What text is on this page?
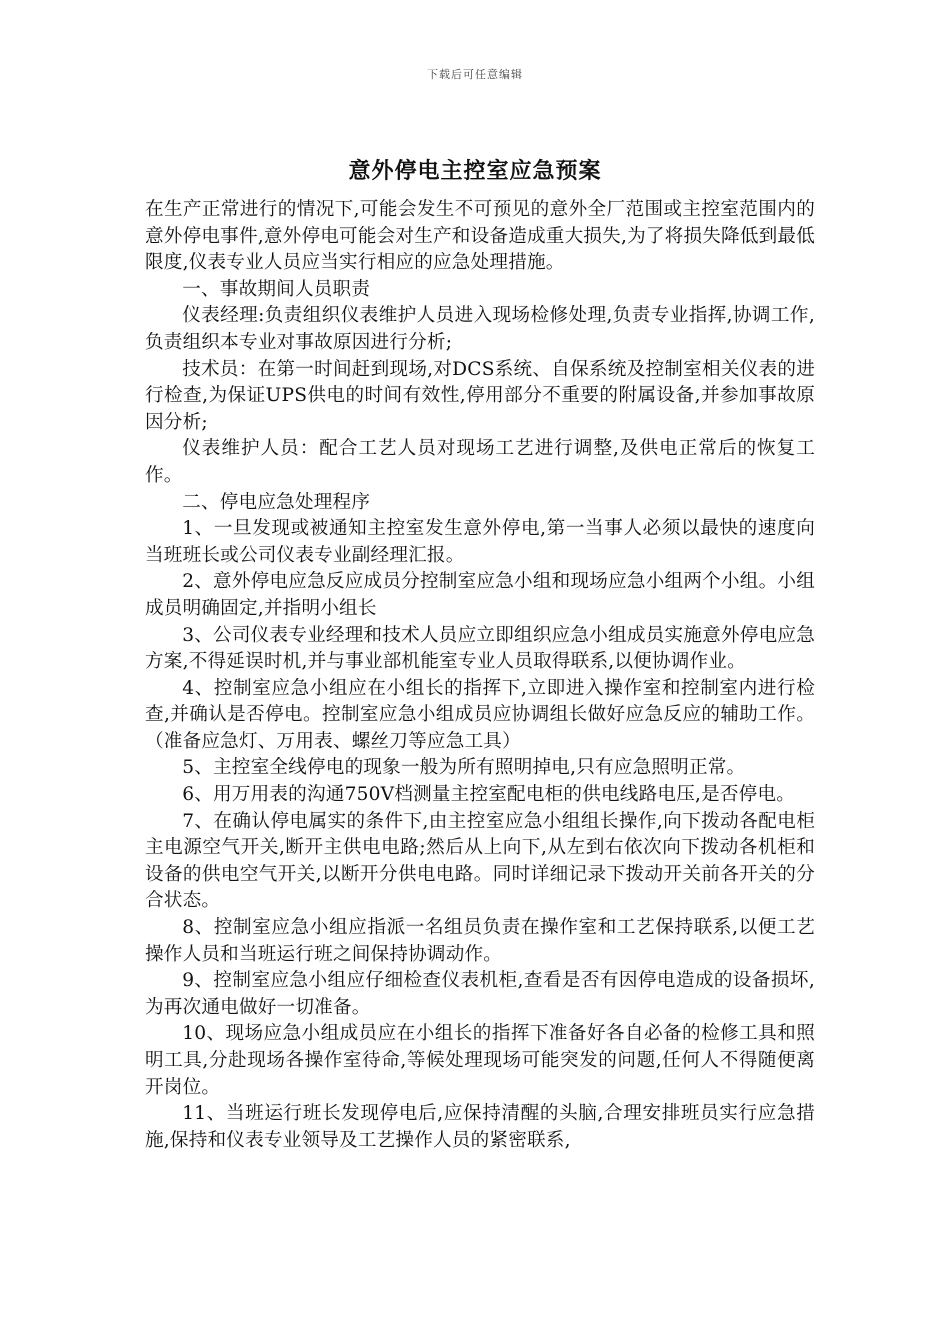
下载后可任意编辑
意外停电主控室应急预案

在生产正常进行的情况下,可能会发生不可预见的意外全厂范围或主控室范围内的意外停电事件,意外停电可能会对生产和设备造成重大损失,为了将损失降低到最低限度,仪表专业人员应当实行相应的应急处理措施。

一、事故期间人员职责

仪表经理:负责组织仪表维护人员进入现场检修处理,负责专业指挥,协调工作,负责组织本专业对事故原因进行分析;

技术员：在第一时间赶到现场,对DCS系统、自保系统及控制室相关仪表的进行检查,为保证UPS供电的时间有效性,停用部分不重要的附属设备,并参加事故原因分析;

仪表维护人员：配合工艺人员对现场工艺进行调整,及供电正常后的恢复工作。

二、停电应急处理程序

1、一旦发现或被通知主控室发生意外停电,第一当事人必须以最快的速度向当班班长或公司仪表专业副经理汇报。

2、意外停电应急反应成员分控制室应急小组和现场应急小组两个小组。小组成员明确固定,并指明小组长

3、公司仪表专业经理和技术人员应立即组织应急小组成员实施意外停电应急方案,不得延误时机,并与事业部机能室专业人员取得联系,以便协调作业。

4、控制室应急小组应在小组长的指挥下,立即进入操作室和控制室内进行检查,并确认是否停电。控制室应急小组成员应协调组长做好应急反应的辅助工作。（准备应急灯、万用表、螺丝刀等应急工具）

5、主控室全线停电的现象一般为所有照明掉电,只有应急照明正常。

6、用万用表的沟通750V档测量主控室配电柜的供电线路电压,是否停电。

7、在确认停电属实的条件下,由主控室应急小组组长操作,向下拨动各配电柜主电源空气开关,断开主供电电路;然后从上向下,从左到右依次向下拨动各机柜和设备的供电空气开关,以断开分供电电路。同时详细记录下拨动开关前各开关的分合状态。

8、控制室应急小组应指派一名组员负责在操作室和工艺保持联系,以便工艺操作人员和当班运行班之间保持协调动作。

9、控制室应急小组应仔细检查仪表机柜,查看是否有因停电造成的设备损坏,为再次通电做好一切准备。

10、现场应急小组成员应在小组长的指挥下准备好各自必备的检修工具和照明工具,分赴现场各操作室待命,等候处理现场可能突发的问题,任何人不得随便离开岗位。

11、当班运行班长发现停电后,应保持清醒的头脑,合理安排班员实行应急措施,保持和仪表专业领导及工艺操作人员的紧密联系,
